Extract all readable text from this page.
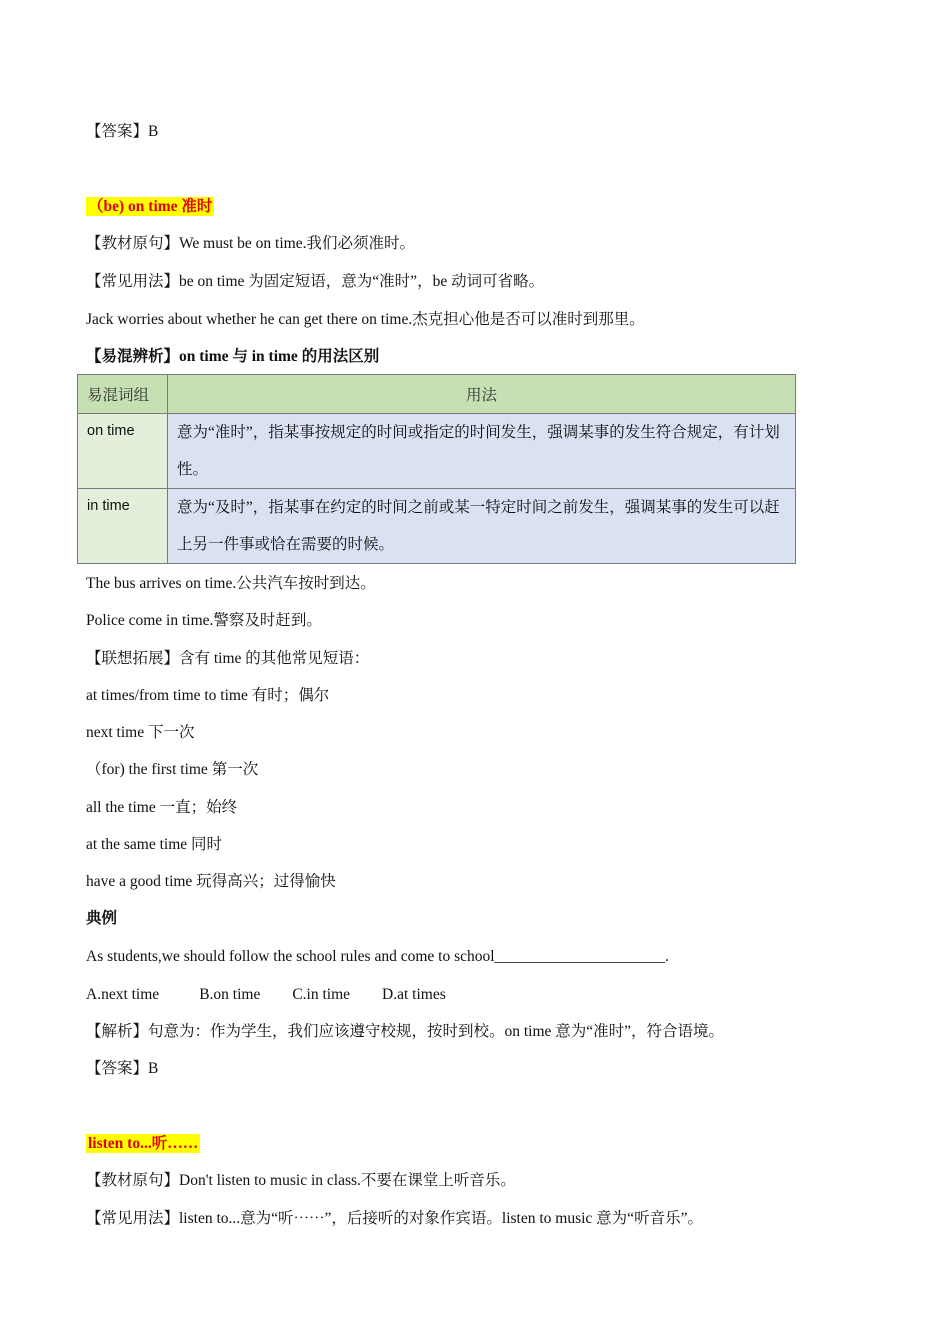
【答案】B
（be) on time 准时
【教材原句】We must be on time.我们必须准时。
【常见用法】be on time 为固定短语，意为“准时”，be 动词可省略。
Jack worries about whether he can get there on time.杰克担心他是否可以准时到那里。
【易混辨析】on time 与 in time 的用法区别
易混词组	用法
on time	意为“准时”，指某事按规定的时间或指定的时间发生，强调某事的发生符合规定，有计划性。
in time	意为“及时”，指某事在约定的时间之前或某一特定时间之前发生，强调某事的发生可以赶上另一件事或恰在需要的时候。
The bus arrives on time.公共汽车按时到达。
Police come in time.警察及时赶到。
【联想拓展】含有 time 的其他常见短语：
at times/from time to time 有时；偶尔
next time 下一次
（for) the first time 第一次
all the time 一直；始终
at the same time 同时
have a good time 玩得高兴；过得愉快
典例
As students,we should follow the school rules and come to school______________________.
A.next time	B.on time C.in time D.at times
【解析】句意为：作为学生，我们应该遵守校规，按时到校。on time 意为“准时”，符合语境。
【答案】B
listen to...听……
【教材原句】Don't listen to music in class.不要在课堂上听音乐。
【常见用法】listen to...意为“听⋯⋯”，后接听的对象作宾语。listen to music 意为“听音乐”。
